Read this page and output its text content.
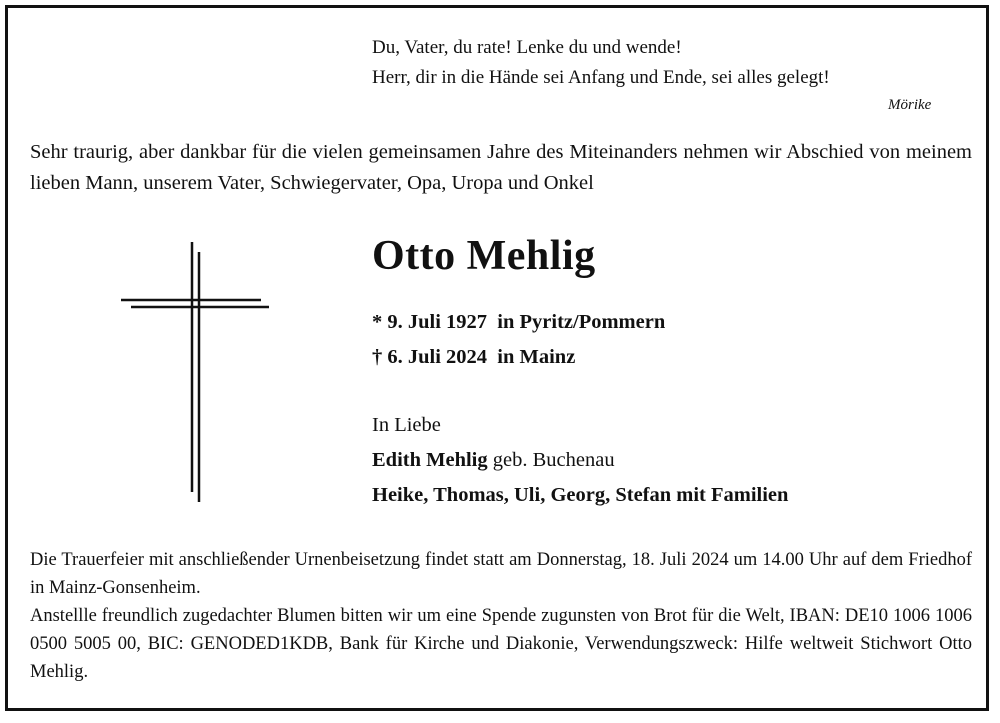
Du, Vater, du rate! Lenke du und wende!
Herr, dir in die Hände sei Anfang und Ende, sei alles gelegt!
Mörike
Sehr traurig, aber dankbar für die vielen gemeinsamen Jahre des Miteinanders nehmen wir Abschied von meinem lieben Mann, unserem Vater, Schwiegervater, Opa, Uropa und Onkel
Otto Mehlig
* 9. Juli 1927  in Pyritz/Pommern
† 6. Juli 2024  in Mainz
In Liebe
Edith Mehlig geb. Buchenau
Heike, Thomas, Uli, Georg, Stefan mit Familien

Die Trauerfeier mit anschließender Urnenbeisetzung findet statt am Donnerstag, 18. Juli 2024 um 14.00 Uhr auf dem Friedhof in Mainz-Gonsenheim.

Anstellle freundlich zugedachter Blumen bitten wir um eine Spende zugunsten von Brot für die Welt, IBAN: DE10 1006 1006 0500 5005 00, BIC: GENODED1KDB, Bank für Kirche und Diakonie, Verwendungszweck: Hilfe weltweit Stichwort Otto Mehlig.
